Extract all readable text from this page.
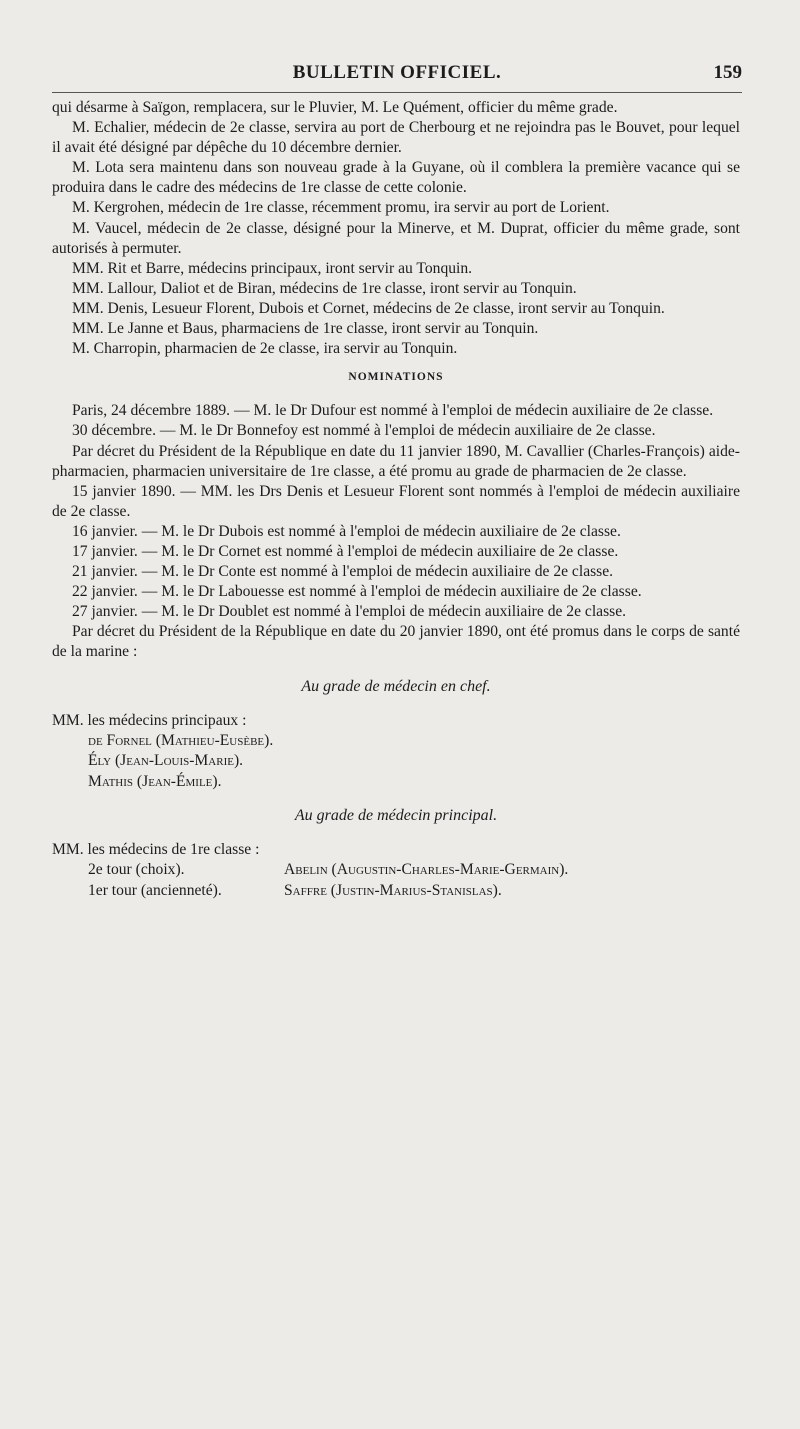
BULLETIN OFFICIEL.	159

qui désarme à Saïgon, remplacera, sur le Pluvier, M. Le Quément, officier du même grade.

M. Echalier, médecin de 2e classe, servira au port de Cherbourg et ne rejoindra pas le Bouvet, pour lequel il avait été désigné par dépêche du 10 décembre dernier.

M. Lota sera maintenu dans son nouveau grade à la Guyane, où il comblera la première vacance qui se produira dans le cadre des médecins de 1re classe de cette colonie.

M. Kergrohen, médecin de 1re classe, récemment promu, ira servir au port de Lorient.

M. Vaucel, médecin de 2e classe, désigné pour la Minerve, et M. Duprat, officier du même grade, sont autorisés à permuter.

MM. Rit et Barre, médecins principaux, iront servir au Tonquin.

MM. Lallour, Daliot et de Biran, médecins de 1re classe, iront servir au Tonquin.

MM. Denis, Lesueur Florent, Dubois et Cornet, médecins de 2e classe, iront servir au Tonquin.

MM. Le Janne et Baus, pharmaciens de 1re classe, iront servir au Tonquin.

M. Charropin, pharmacien de 2e classe, ira servir au Tonquin.

NOMINATIONS

Paris, 24 décembre 1889. — M. le Dr Dufour est nommé à l'emploi de médecin auxiliaire de 2e classe.

30 décembre. — M. le Dr Bonnefoy est nommé à l'emploi de médecin auxiliaire de 2e classe.

Par décret du Président de la République en date du 11 janvier 1890, M. Cavallier (Charles-François) aide-pharmacien, pharmacien universitaire de 1re classe, a été promu au grade de pharmacien de 2e classe.

15 janvier 1890. — MM. les Drs Denis et Lesueur Florent sont nommés à l'emploi de médecin auxiliaire de 2e classe.

16 janvier. — M. le Dr Dubois est nommé à l'emploi de médecin auxiliaire de 2e classe.

17 janvier. — M. le Dr Cornet est nommé à l'emploi de médecin auxiliaire de 2e classe.

21 janvier. — M. le Dr Conte est nommé à l'emploi de médecin auxiliaire de 2e classe.

22 janvier. — M. le Dr Labouesse est nommé à l'emploi de médecin auxiliaire de 2e classe.

27 janvier. — M. le Dr Doublet est nommé à l'emploi de médecin auxiliaire de 2e classe.

Par décret du Président de la République en date du 20 janvier 1890, ont été promus dans le corps de santé de la marine :

Au grade de médecin en chef.

MM. les médecins principaux :

de Fornel (Mathieu-Eusèbe).
Ély (Jean-Louis-Marie).
Mathis (Jean-Émile).
Au grade de médecin principal.

MM. les médecins de 1re classe :

2e tour (choix).	Abelin (Augustin-Charles-Marie-Germain).
1er tour (ancienneté).	Saffre (Justin-Marius-Stanislas).
